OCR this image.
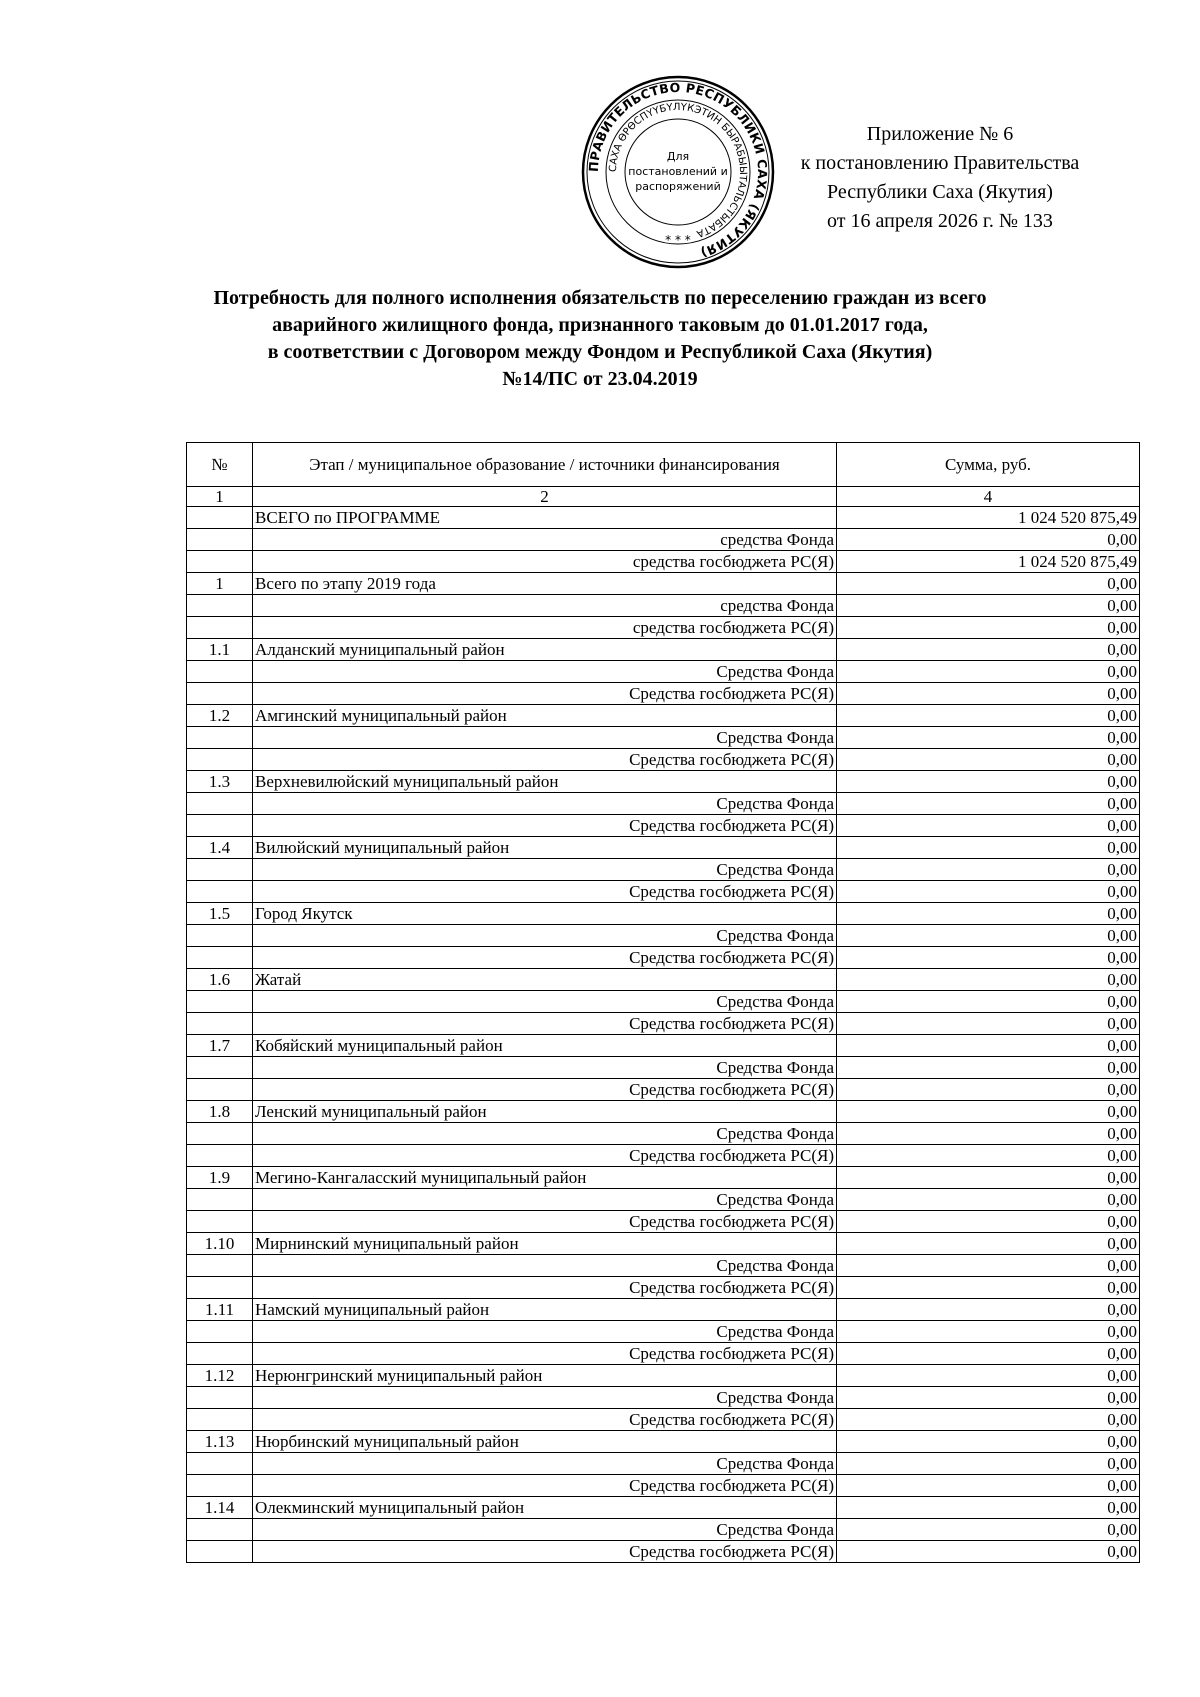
ПРАВИТЕЛЬСТВО РЕСПУБЛИКИ САХА (ЯКУТИЯ)
САХА ӨРӨСПҮҮБҮЛҮКЭТИН БЫРАБЫЫТАЛЬСТЫБАТА
Для
постановлений и
распоряжений
* * *
Приложение № 6
к постановлению Правительства
Республики Саха (Якутия)
от 16 апреля 2026 г. № 133
Потребность для полного исполнения обязательств по переселению граждан из всего
аварийного жилищного фонда, признанного таковым до 01.01.2017 года,
в соответствии с Договором между Фондом и Республикой Саха (Якутия)
№14/ПС от 23.04.2019
№	Этап / муниципальное образование / источники финансирования	Сумма, руб.
1	2	4
	ВСЕГО по ПРОГРАММЕ	1 024 520 875,49
	средства Фонда	0,00
	средства госбюджета РС(Я)	1 024 520 875,49
1	Всего по этапу 2019 года	0,00
	средства Фонда	0,00
	средства госбюджета РС(Я)	0,00
1.1	Алданский муниципальный район	0,00
	Средства Фонда	0,00
	Средства госбюджета РС(Я)	0,00
1.2	Амгинский муниципальный район	0,00
	Средства Фонда	0,00
	Средства госбюджета РС(Я)	0,00
1.3	Верхневилюйский муниципальный район	0,00
	Средства Фонда	0,00
	Средства госбюджета РС(Я)	0,00
1.4	Вилюйский муниципальный район	0,00
	Средства Фонда	0,00
	Средства госбюджета РС(Я)	0,00
1.5	Город Якутск	0,00
	Средства Фонда	0,00
	Средства госбюджета РС(Я)	0,00
1.6	Жатай	0,00
	Средства Фонда	0,00
	Средства госбюджета РС(Я)	0,00
1.7	Кобяйский муниципальный район	0,00
	Средства Фонда	0,00
	Средства госбюджета РС(Я)	0,00
1.8	Ленский муниципальный район	0,00
	Средства Фонда	0,00
	Средства госбюджета РС(Я)	0,00
1.9	Мегино-Кангаласский муниципальный район	0,00
	Средства Фонда	0,00
	Средства госбюджета РС(Я)	0,00
1.10	Мирнинский муниципальный район	0,00
	Средства Фонда	0,00
	Средства госбюджета РС(Я)	0,00
1.11	Намский муниципальный район	0,00
	Средства Фонда	0,00
	Средства госбюджета РС(Я)	0,00
1.12	Нерюнгринский муниципальный район	0,00
	Средства Фонда	0,00
	Средства госбюджета РС(Я)	0,00
1.13	Нюрбинский муниципальный район	0,00
	Средства Фонда	0,00
	Средства госбюджета РС(Я)	0,00
1.14	Олекминский муниципальный район	0,00
	Средства Фонда	0,00
	Средства госбюджета РС(Я)	0,00
